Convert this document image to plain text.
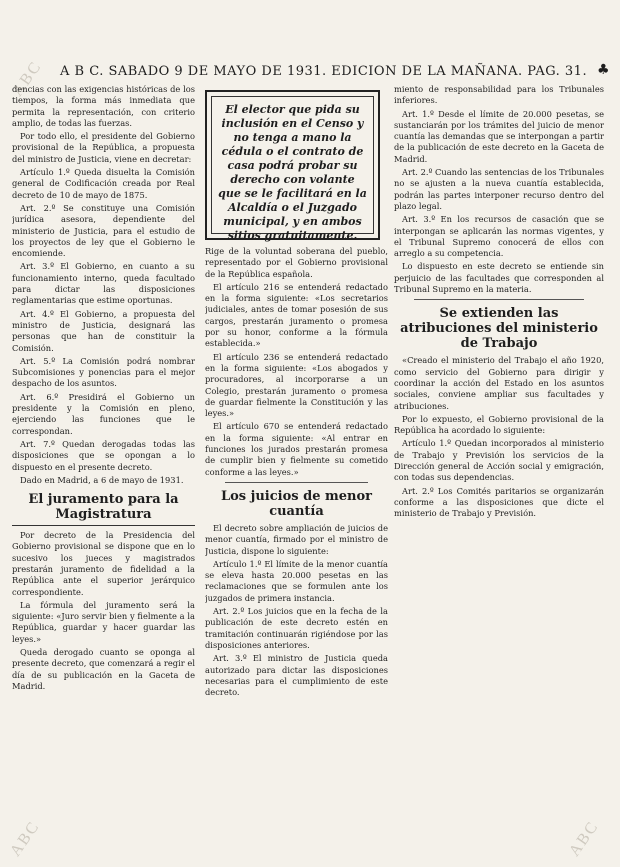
ABC
ABC	ABC
A B C. SABADO 9 DE MAYO DE 1931. EDICION DE LA MAÑANA. PAG. 31. ♣

dencias con las exigencias históricas de los tiempos, la forma más inmediata que permita la representación, con criterio amplio, de todas las fuerzas.

Por todo ello, el presidente del Gobierno provisional de la República, a propuesta del ministro de Justicia, viene en decretar:

Artículo 1.º Queda disuelta la Comisión general de Codificación creada por Real decreto de 10 de mayo de 1875.

Art. 2.º Se constituye una Comisión jurídica asesora, dependiente del ministerio de Justicia, para el estudio de los proyectos de ley que el Gobierno le encomiende.

Art. 3.º El Gobierno, en cuanto a su funcionamiento interno, queda facultado para dictar las disposiciones reglamentarias que estime oportunas.

Art. 4.º El Gobierno, a propuesta del ministro de Justicia, designará las personas que han de constituir la Comisión.

Art. 5.º La Comisión podrá nombrar Subcomisiones y ponencias para el mejor despacho de los asuntos.

Art. 6.º Presidirá el Gobierno un presidente y la Comisión en pleno, ejerciendo las funciones que le correspondan.

Art. 7.º Quedan derogadas todas las disposiciones que se opongan a lo dispuesto en el presente decreto.

Dado en Madrid, a 6 de mayo de 1931.

El juramento para la Magistratura

Por decreto de la Presidencia del Gobierno provisional se dispone que en lo sucesivo los jueces y magistrados prestarán juramento de fidelidad a la República ante el superior jerárquico correspondiente.

La fórmula del juramento será la siguiente: «Juro servir bien y fielmente a la República, guardar y hacer guardar las leyes.»

Queda derogado cuanto se oponga al presente decreto, que comenzará a regir el día de su publicación en la Gaceta de Madrid.

El elector que pida su inclusión en el Censo y no tenga a mano la cédula o el contrato de casa podrá probar su derecho con volante que se le facilitará en la Alcaldía o el Juzgado municipal, y en ambos sitios gratuitamente.

Rige de la voluntad soberana del pueblo, representado por el Gobierno provisional de la República española.

El artículo 216 se entenderá redactado en la forma siguiente: «Los secretarios judiciales, antes de tomar posesión de sus cargos, prestarán juramento o promesa por su honor, conforme a la fórmula establecida.»

El artículo 236 se entenderá redactado en la forma siguiente: «Los abogados y procuradores, al incorporarse a un Colegio, prestarán juramento o promesa de guardar fielmente la Constitución y las leyes.»

El artículo 670 se entenderá redactado en la forma siguiente: «Al entrar en funciones los jurados prestarán promesa de cumplir bien y fielmente su cometido conforme a las leyes.»

Los juicios de menor cuantía

El decreto sobre ampliación de juicios de menor cuantía, firmado por el ministro de Justicia, dispone lo siguiente:

Artículo 1.º El límite de la menor cuantía se eleva hasta 20.000 pesetas en las reclamaciones que se formulen ante los juzgados de primera instancia.

Art. 2.º Los juicios que en la fecha de la publicación de este decreto estén en tramitación continuarán rigiéndose por las disposiciones anteriores.

Art. 3.º El ministro de Justicia queda autorizado para dictar las disposiciones necesarias para el cumplimiento de este decreto.

miento de responsabilidad para los Tribunales inferiores.

Art. 1.º Desde el límite de 20.000 pesetas, se sustanciarán por los trámites del juicio de menor cuantía las demandas que se interpongan a partir de la publicación de este decreto en la Gaceta de Madrid.

Art. 2.º Cuando las sentencias de los Tribunales no se ajusten a la nueva cuantía establecida, podrán las partes interponer recurso dentro del plazo legal.

Art. 3.º En los recursos de casación que se interpongan se aplicarán las normas vigentes, y el Tribunal Supremo conocerá de ellos con arreglo a su competencia.

Lo dispuesto en este decreto se entiende sin perjuicio de las facultades que corresponden al Tribunal Supremo en la materia.

Se extienden las atribuciones del ministerio de Trabajo

«Creado el ministerio del Trabajo el año 1920, como servicio del Gobierno para dirigir y coordinar la acción del Estado en los asuntos sociales, conviene ampliar sus facultades y atribuciones.

Por lo expuesto, el Gobierno provisional de la República ha acordado lo siguiente:

Artículo 1.º Quedan incorporados al ministerio de Trabajo y Previsión los servicios de la Dirección general de Acción social y emigración, con todas sus dependencias.

Art. 2.º Los Comités paritarios se organizarán conforme a las disposiciones que dicte el ministerio de Trabajo y Previsión.
